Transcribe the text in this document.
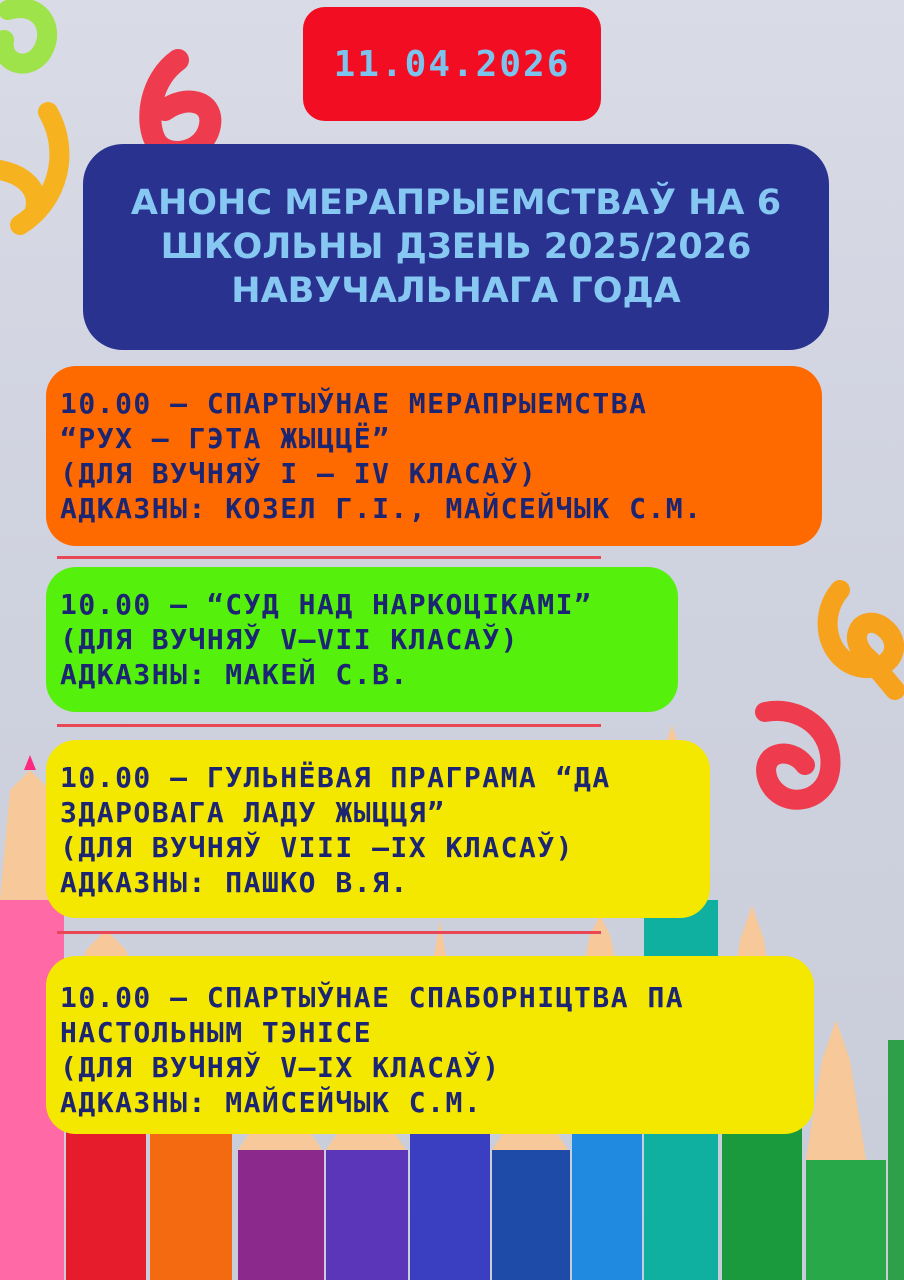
11.04.2026
АНОНС МЕРАПРЫЕМСТВАЎ НА 6 ШКОЛЬНЫ ДЗЕНЬ 2025/2026 НАВУЧАЛЬНАГА ГОДА
10.00 – СПАРТЫЎНАЕ МЕРАПРЫЕМСТВА
“РУХ – ГЭТА ЖЫЦЦЁ”
(ДЛЯ ВУЧНЯЎ І – ІV КЛАСАЎ)
АДКАЗНЫ: КОЗЕЛ Г.І., МАЙСЕЙЧЫК С.М.
10.00 – “СУД НАД НАРКОЦІКАМІ”
(ДЛЯ ВУЧНЯЎ V–VІІ КЛАСАЎ)
АДКАЗНЫ: МАКЕЙ С.В.
10.00 – ГУЛЬНЁВАЯ ПРАГРАМА “ДА
ЗДАРОВАГА ЛАДУ ЖЫЦЦЯ”
(ДЛЯ ВУЧНЯЎ VІІІ –ІХ КЛАСАЎ)
АДКАЗНЫ: ПАШКО В.Я.
10.00 – СПАРТЫЎНАЕ СПАБОРНІЦТВА ПА
НАСТОЛЬНЫМ ТЭНІСЕ
(ДЛЯ ВУЧНЯЎ V–ІХ КЛАСАЎ)
АДКАЗНЫ: МАЙСЕЙЧЫК С.М.
